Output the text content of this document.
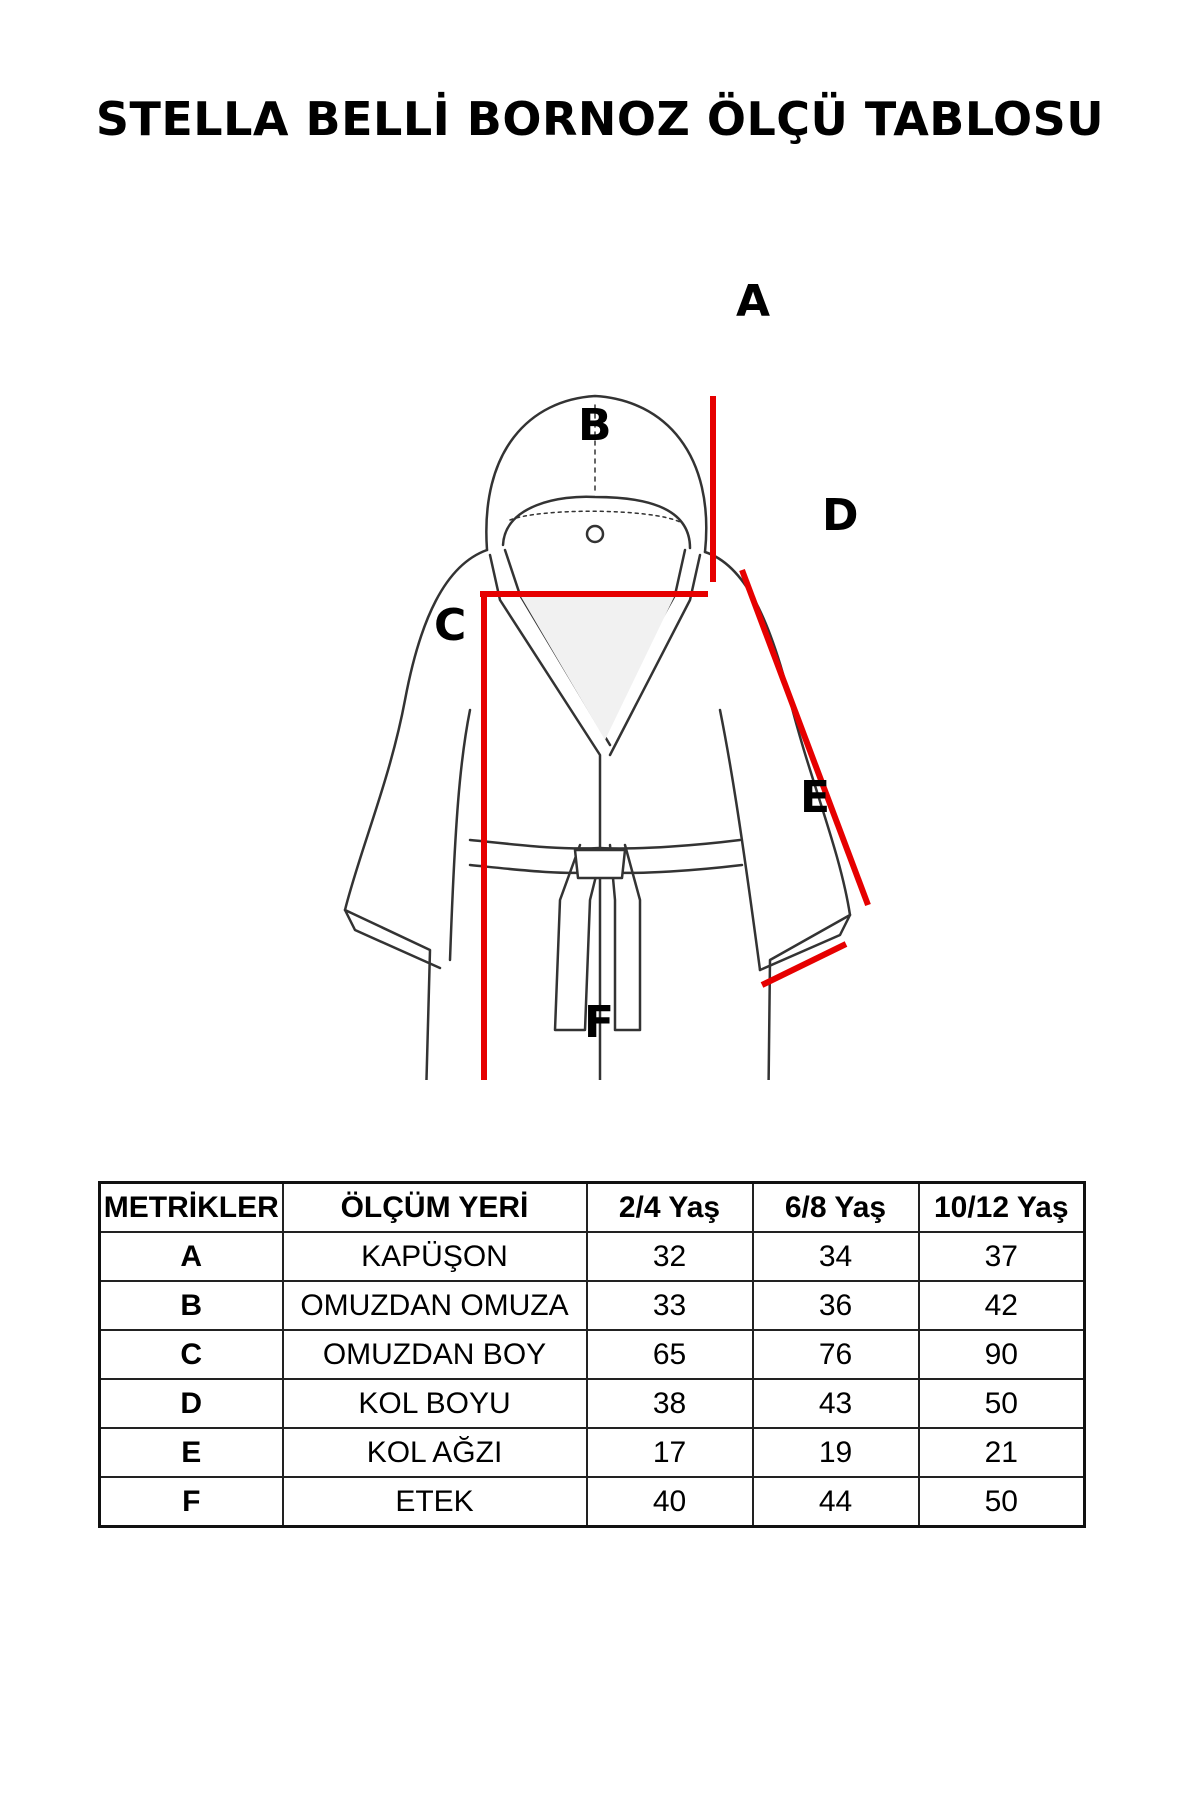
STELLA BELLİ BORNOZ ÖLÇÜ TABLOSU
A
B
C
D
E
F
METRİKLER	ÖLÇÜM YERİ	2/4 Yaş	6/8 Yaş	10/12 Yaş
A	KAPÜŞON	32	34	37
B	OMUZDAN OMUZA	33	36	42
C	OMUZDAN BOY	65	76	90
D	KOL BOYU	38	43	50
E	KOL AĞZI	17	19	21
F	ETEK	40	44	50
